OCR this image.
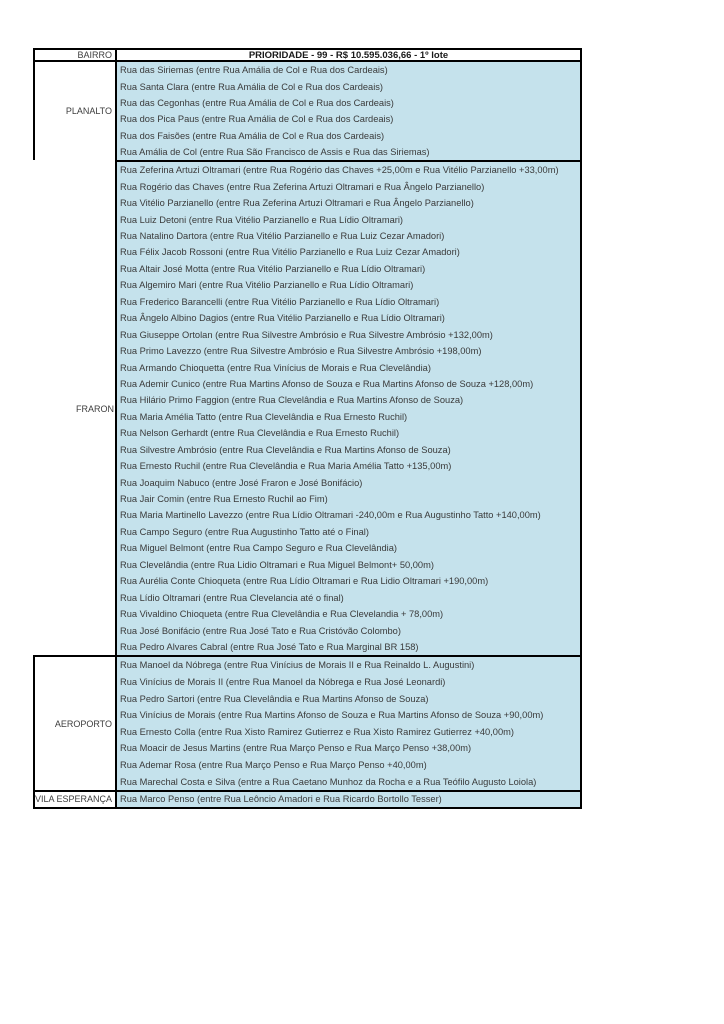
BAIRRO	PRIORIDADE - 99 - R$ 10.595.036,66 - 1º lote
PLANALTO
Rua das Siriemas (entre Rua Amália de Col e Rua dos Cardeais)
Rua Santa Clara (entre Rua Amália de Col e Rua dos Cardeais)
Rua das Cegonhas (entre Rua Amália de Col e Rua dos Cardeais)
Rua dos Pica Paus (entre Rua Amália de Col e Rua dos Cardeais)
Rua dos Faisões (entre Rua Amália de Col e Rua dos Cardeais)
Rua Amália de Col (entre Rua São Francisco de Assis e Rua das Siriemas)
FRARON
Rua Zeferina Artuzi Oltramari (entre Rua Rogério das Chaves +25,00m e Rua Vitélio Parzianello +33,00m)
Rua Rogério das Chaves (entre Rua Zeferina Artuzi Oltramari e Rua Ângelo Parzianello)
Rua Vitélio Parzianello (entre Rua Zeferina Artuzi Oltramari e Rua Ângelo Parzianello)
Rua Luiz Detoni (entre Rua Vitélio Parzianello e Rua Lídio Oltramari)
Rua Natalino Dartora (entre Rua Vitélio Parzianello e Rua Luiz Cezar Amadori)
Rua Félix Jacob Rossoni (entre Rua Vitélio Parzianello e Rua Luiz Cezar Amadori)
Rua Altair José Motta (entre Rua Vitélio Parzianello e Rua Lídio Oltramari)
Rua Algemiro Mari (entre Rua Vitélio Parzianello e Rua Lídio Oltramari)
Rua Frederico Barancelli (entre Rua Vitélio Parzianello e Rua Lídio Oltramari)
Rua Ângelo Albino Dagios (entre Rua Vitélio Parzianello e Rua Lídio Oltramari)
Rua Giuseppe Ortolan (entre Rua Silvestre Ambrósio e Rua Silvestre Ambrósio +132,00m)
Rua Primo Lavezzo (entre Rua Silvestre Ambrósio e Rua Silvestre Ambrósio +198,00m)
Rua Armando Chioquetta (entre Rua Vinícius de Morais e Rua Clevelândia)
Rua Ademir Cunico (entre Rua Martins Afonso de Souza e Rua Martins Afonso de Souza +128,00m)
Rua Hilário Primo Faggion (entre Rua Clevelândia e Rua Martins Afonso de Souza)
Rua Maria Amélia Tatto (entre Rua Clevelândia e Rua Ernesto Ruchil)
Rua Nelson Gerhardt (entre Rua Clevelândia e Rua Ernesto Ruchil)
Rua Silvestre Ambrósio (entre Rua Clevelândia e Rua Martins Afonso de Souza)
Rua Ernesto Ruchil (entre Rua Clevelândia e Rua Maria Amélia Tatto +135,00m)
Rua Joaquim Nabuco (entre José Fraron e José Bonifácio)
Rua Jair Comin (entre Rua Ernesto Ruchil ao Fim)
Rua Maria Martinello Lavezzo (entre Rua Lídio Oltramari -240,00m e Rua Augustinho Tatto +140,00m)
Rua Campo Seguro (entre Rua Augustinho Tatto até o Final)
Rua Miguel Belmont (entre Rua Campo Seguro e Rua Clevelândia)
Rua Clevelândia (entre Rua Lidio Oltramari e Rua Miguel Belmont+ 50,00m)
Rua Aurélia Conte Chioqueta (entre Rua Lídio Oltramari e Rua Lidio Oltramari +190,00m)
Rua Lídio Oltramari (entre Rua Clevelancia até o final)
Rua Vivaldino Chioqueta (entre Rua Clevelândia e Rua Clevelandia + 78,00m)
Rua José Bonifácio (entre Rua José Tato e Rua Cristóvão Colombo)
Rua Pedro Alvares Cabral (entre Rua José Tato e Rua Marginal BR 158)
AEROPORTO
Rua Manoel da Nóbrega (entre Rua Vinícius de Morais II e Rua Reinaldo L. Augustini)
Rua Vinícius de Morais II (entre Rua Manoel da Nóbrega e Rua José Leonardi)
Rua Pedro Sartori (entre Rua Clevelândia e Rua Martins Afonso de Souza)
Rua Vinícius de Morais (entre Rua Martins Afonso de Souza e Rua Martins Afonso de Souza +90,00m)
Rua Ernesto Colla (entre Rua Xisto Ramirez Gutierrez e Rua Xisto Ramirez Gutierrez +40,00m)
Rua Moacir de Jesus Martins (entre Rua Março Penso e Rua Março Penso +38,00m)
Rua Ademar Rosa (entre Rua Março Penso e Rua Março Penso +40,00m)
Rua Marechal Costa e Silva (entre a Rua Caetano Munhoz da Rocha e a Rua Teófilo Augusto Loiola)
VILA ESPERANÇA Rua Marco Penso (entre Rua Leôncio Amadori e Rua Ricardo Bortollo Tesser)
